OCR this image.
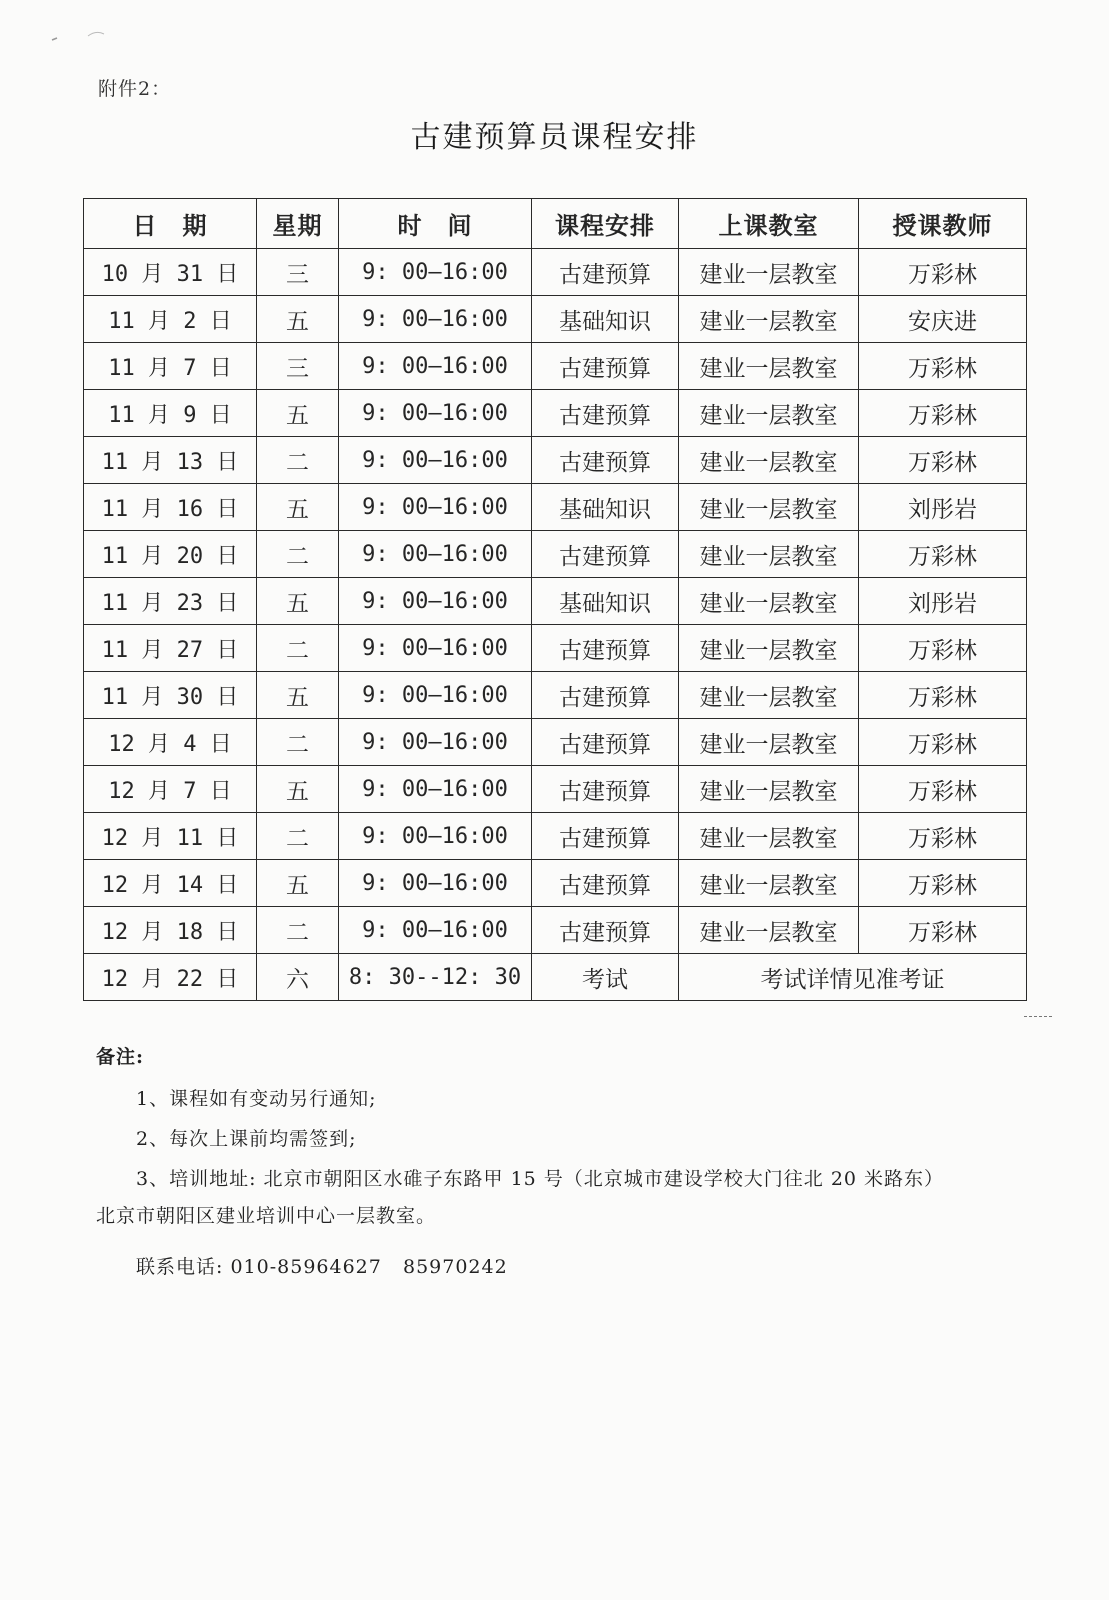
附件2：
古建预算员课程安排
日　期	星期	时　间	课程安排	上课教室	授课教师
10 月 31 日	三	9: 00—16:00	古建预算	建业一层教室	万彩林
11 月 2 日	五	9: 00—16:00	基础知识	建业一层教室	安庆进
11 月 7 日	三	9: 00—16:00	古建预算	建业一层教室	万彩林
11 月 9 日	五	9: 00—16:00	古建预算	建业一层教室	万彩林
11 月 13 日	二	9: 00—16:00	古建预算	建业一层教室	万彩林
11 月 16 日	五	9: 00—16:00	基础知识	建业一层教室	刘彤岩
11 月 20 日	二	9: 00—16:00	古建预算	建业一层教室	万彩林
11 月 23 日	五	9: 00—16:00	基础知识	建业一层教室	刘彤岩
11 月 27 日	二	9: 00—16:00	古建预算	建业一层教室	万彩林
11 月 30 日	五	9: 00—16:00	古建预算	建业一层教室	万彩林
12 月 4 日	二	9: 00—16:00	古建预算	建业一层教室	万彩林
12 月 7 日	五	9: 00—16:00	古建预算	建业一层教室	万彩林
12 月 11 日	二	9: 00—16:00	古建预算	建业一层教室	万彩林
12 月 14 日	五	9: 00—16:00	古建预算	建业一层教室	万彩林
12 月 18 日	二	9: 00—16:00	古建预算	建业一层教室	万彩林
12 月 22 日	六	8: 30--12: 30	考试	考试详情见准考证	
备注:
1、课程如有变动另行通知;
2、每次上课前均需签到;
3、培训地址: 北京市朝阳区水碓子东路甲 15 号（北京城市建设学校大门往北 20 米路东）
北京市朝阳区建业培训中心一层教室。
联系电话: 010-85964627 85970242
